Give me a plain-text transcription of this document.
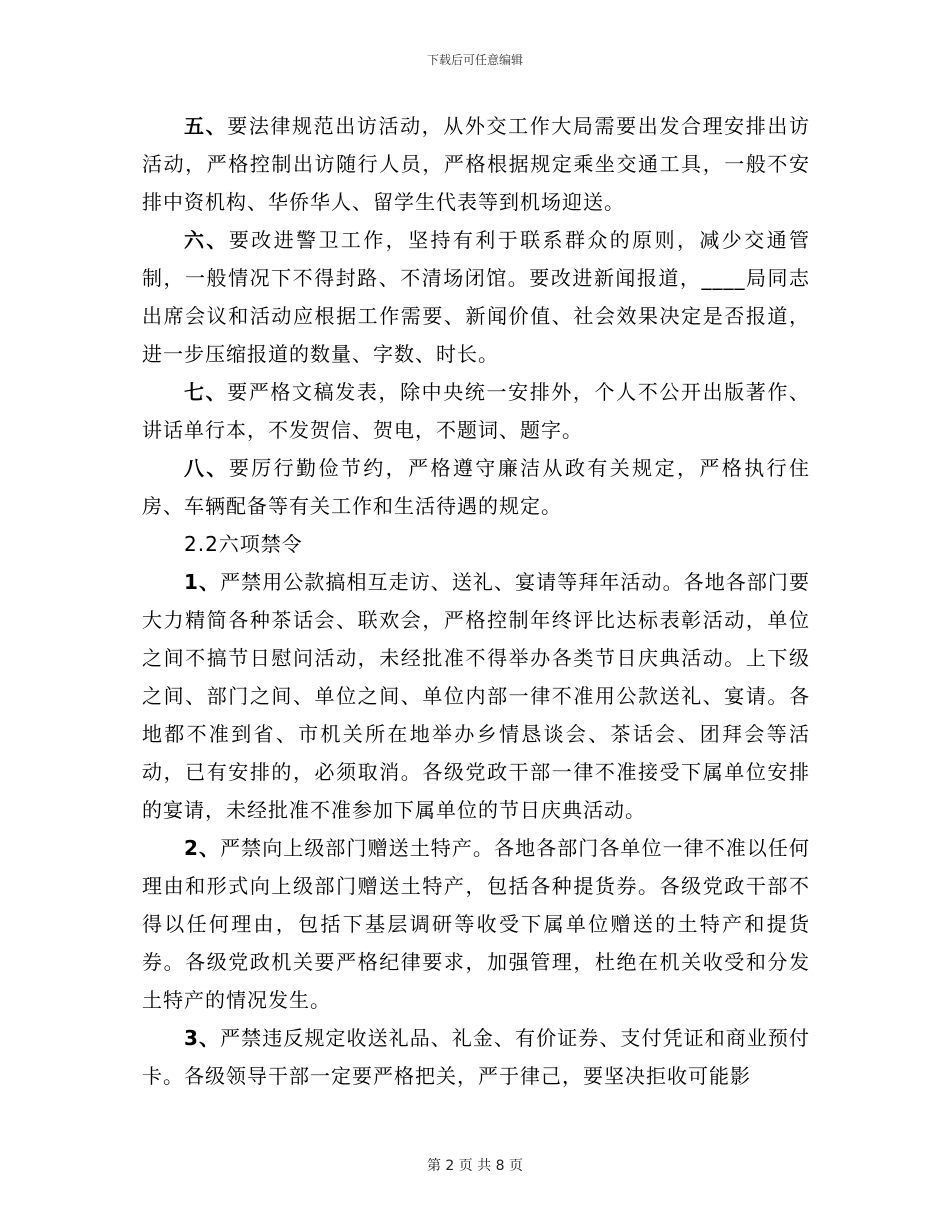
下载后可任意编辑

五、要法律规范出访活动，从外交工作大局需要出发合理安排出访活动，严格控制出访随行人员，严格根据规定乘坐交通工具，一般不安排中资机构、华侨华人、留学生代表等到机场迎送。

六、要改进警卫工作，坚持有利于联系群众的原则，减少交通管制，一般情况下不得封路、不清场闭馆。要改进新闻报道，____局同志出席会议和活动应根据工作需要、新闻价值、社会效果决定是否报道，进一步压缩报道的数量、字数、时长。

七、要严格文稿发表，除中央统一安排外，个人不公开出版著作、讲话单行本，不发贺信、贺电，不题词、题字。

八、要厉行勤俭节约，严格遵守廉洁从政有关规定，严格执行住房、车辆配备等有关工作和生活待遇的规定。

2.2六项禁令

1、严禁用公款搞相互走访、送礼、宴请等拜年活动。各地各部门要大力精简各种茶话会、联欢会，严格控制年终评比达标表彰活动，单位之间不搞节日慰问活动，未经批准不得举办各类节日庆典活动。上下级之间、部门之间、单位之间、单位内部一律不准用公款送礼、宴请。各地都不准到省、市机关所在地举办乡情恳谈会、茶话会、团拜会等活动，已有安排的，必须取消。各级党政干部一律不准接受下属单位安排的宴请，未经批准不准参加下属单位的节日庆典活动。

2、严禁向上级部门赠送土特产。各地各部门各单位一律不准以任何理由和形式向上级部门赠送土特产，包括各种提货券。各级党政干部不得以任何理由，包括下基层调研等收受下属单位赠送的土特产和提货券。各级党政机关要严格纪律要求，加强管理，杜绝在机关收受和分发土特产的情况发生。

3、严禁违反规定收送礼品、礼金、有价证券、支付凭证和商业预付卡。各级领导干部一定要严格把关，严于律己，要坚决拒收可能影

第 2 页 共 8 页
